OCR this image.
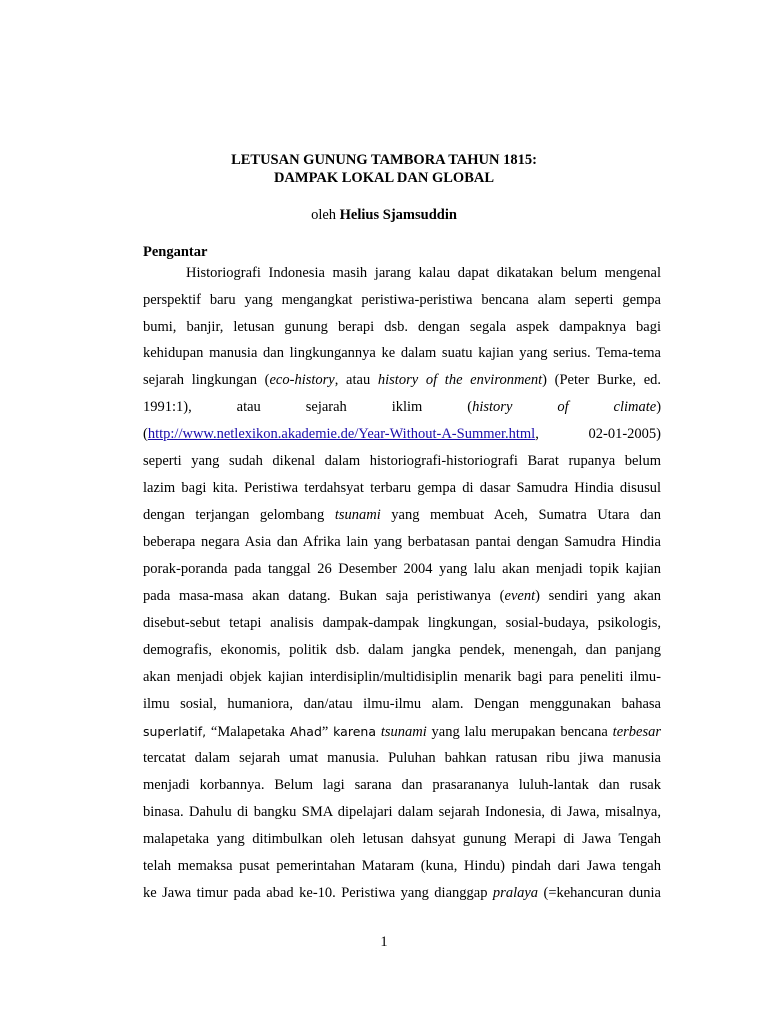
LETUSAN GUNUNG TAMBORA TAHUN 1815:
DAMPAK LOKAL DAN GLOBAL
oleh Helius Sjamsuddin
Pengantar
Historiografi Indonesia masih jarang kalau dapat dikatakan belum mengenal
perspektif baru yang mengangkat peristiwa-peristiwa bencana alam seperti gempa
bumi, banjir, letusan gunung berapi dsb. dengan segala aspek dampaknya bagi
kehidupan manusia dan lingkungannya ke dalam suatu kajian yang serius. Tema-tema
sejarah lingkungan (eco-history, atau history of the environment) (Peter Burke, ed.
1991:1),	atau	sejarah	iklim	(history	of	climate)
(http://www.netlexikon.akademie.de/Year-Without-A-Summer.html,	02-01-2005)
seperti yang sudah dikenal dalam historiografi-historiografi Barat rupanya belum
lazim bagi kita. Peristiwa terdahsyat terbaru gempa di dasar Samudra Hindia disusul
dengan terjangan gelombang tsunami yang membuat Aceh, Sumatra Utara dan
beberapa negara Asia dan Afrika lain yang berbatasan pantai dengan Samudra Hindia
porak-poranda pada tanggal 26 Desember 2004 yang lalu akan menjadi topik kajian
pada masa-masa akan datang. Bukan saja peristiwanya (event) sendiri yang akan
disebut-sebut tetapi analisis dampak-dampak lingkungan, sosial-budaya, psikologis,
demografis, ekonomis, politik dsb. dalam jangka pendek, menengah, dan panjang
akan menjadi objek kajian interdisiplin/multidisiplin menarik bagi para peneliti ilmu-
ilmu sosial, humaniora, dan/atau ilmu-ilmu alam. Dengan menggunakan bahasa
superlatif, “Malapetaka Ahad” karena tsunami yang lalu merupakan bencana terbesar
tercatat dalam sejarah umat manusia. Puluhan bahkan ratusan ribu jiwa manusia
menjadi korbannya. Belum lagi sarana dan prasarananya luluh-lantak dan rusak
binasa. Dahulu di bangku SMA dipelajari dalam sejarah Indonesia, di Jawa, misalnya,
malapetaka yang ditimbulkan oleh letusan dahsyat gunung Merapi di Jawa Tengah
telah memaksa pusat pemerintahan Mataram (kuna, Hindu) pindah dari Jawa tengah
ke Jawa timur pada abad ke-10. Peristiwa yang dianggap pralaya (=kehancuran dunia
1
